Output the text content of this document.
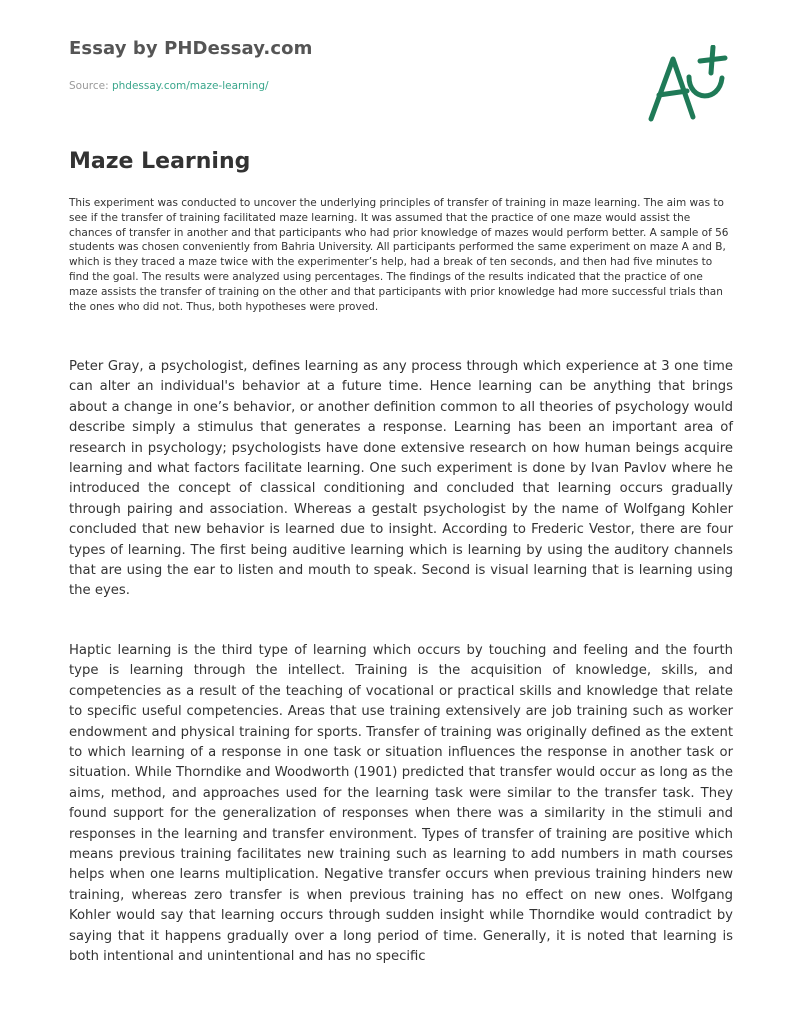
Essay by PHDessay.com
Source: phdessay.com/maze-learning/
Maze Learning

This experiment was conducted to uncover the underlying principles of transfer of training in maze learning. The aim was to see if the transfer of training facilitated maze learning. It was assumed that the practice of one maze would assist the chances of transfer in another and that participants who had prior knowledge of mazes would perform better. A sample of 56 students was chosen conveniently from Bahria University. All participants performed the same experiment on maze A and B, which is they traced a maze twice with the experimenter’s help, had a break of ten seconds, and then had five minutes to find the goal. The results were analyzed using percentages. The findings of the results indicated that the practice of one maze assists the transfer of training on the other and that participants with prior knowledge had more successful trials than the ones who did not. Thus, both hypotheses were proved.

Peter Gray, a psychologist, defines learning as any process through which experience at 3 one time can alter an individual's behavior at a future time. Hence learning can be anything that brings about a change in one’s behavior, or another definition common to all theories of psychology would describe simply a stimulus that generates a response. Learning has been an important area of research in psychology; psychologists have done extensive research on how human beings acquire learning and what factors facilitate learning. One such experiment is done by Ivan Pavlov where he introduced the concept of classical conditioning and concluded that learning occurs gradually through pairing and association. Whereas a gestalt psychologist by the name of Wolfgang Kohler concluded that new behavior is learned due to insight. According to Frederic Vestor, there are four types of learning. The first being auditive learning which is learning by using the auditory channels that are using the ear to listen and mouth to speak. Second is visual learning that is learning using the eyes.

Haptic learning is the third type of learning which occurs by touching and feeling and the fourth type is learning through the intellect. Training is the acquisition of knowledge, skills, and competencies as a result of the teaching of vocational or practical skills and knowledge that relate to specific useful competencies. Areas that use training extensively are job training such as worker endowment and physical training for sports. Transfer of training was originally defined as the extent to which learning of a response in one task or situation influences the response in another task or situation. While Thorndike and Woodworth (1901) predicted that transfer would occur as long as the aims, method, and approaches used for the learning task were similar to the transfer task. They found support for the generalization of responses when there was a similarity in the stimuli and responses in the learning and transfer environment. Types of transfer of training are positive which means previous training facilitates new training such as learning to add numbers in math courses helps when one learns multiplication. Negative transfer occurs when previous training hinders new training, whereas zero transfer is when previous training has no effect on new ones. Wolfgang Kohler would say that learning occurs through sudden insight while Thorndike would contradict by saying that it happens gradually over a long period of time. Generally, it is noted that learning is both intentional and unintentional and has no specific
